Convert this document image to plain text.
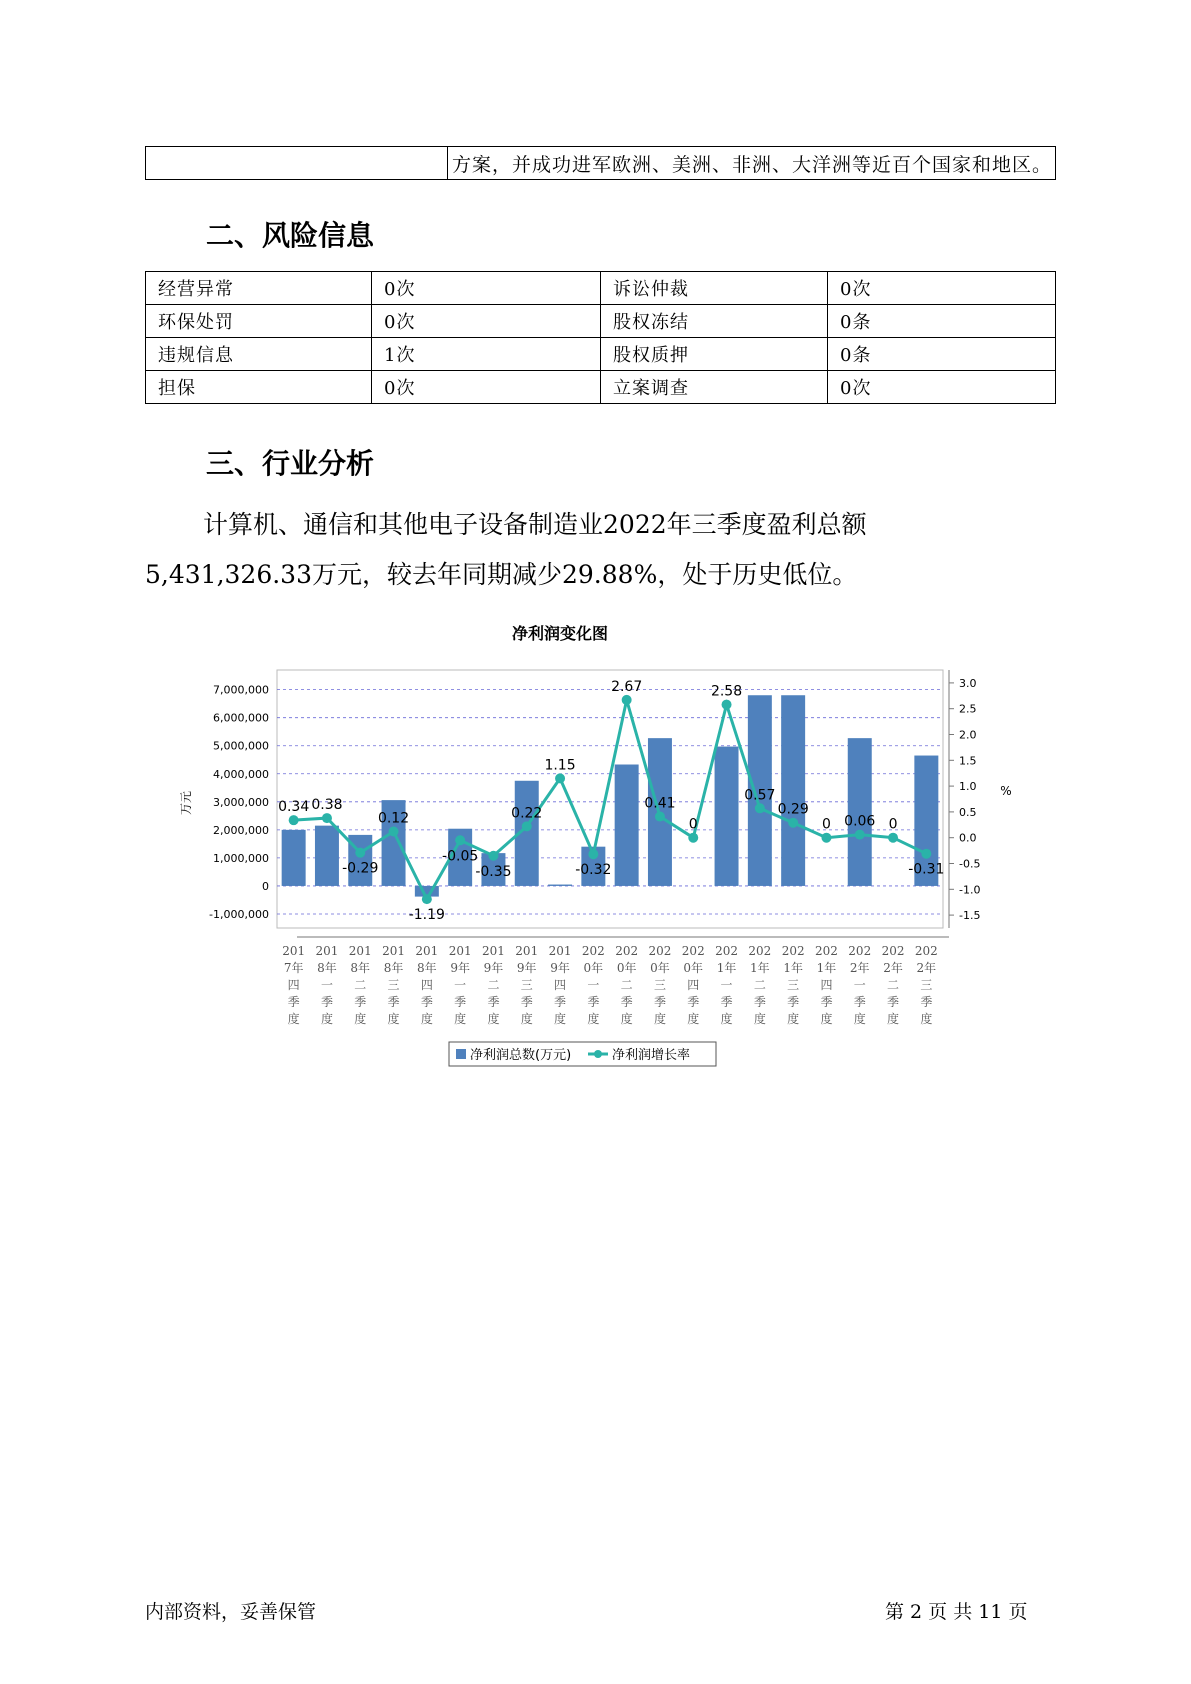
	方案，并成功进军欧洲、美洲、非洲、大洋洲等近百个国家和地区。
二、风险信息
经营异常	0次	诉讼仲裁	0次
环保处罚	0次	股权冻结	0条
违规信息	1次	股权质押	0条
担保	0次	立案调查	0次
三、行业分析

计算机、通信和其他电子设备制造业2022年三季度盈利总额5,431,326.33万元，较去年同期减少29.88%，处于历史低位。

净利润变化图
-1,000,000
0
1,000,000
2,000,000
3,000,000
4,000,000
5,000,000
6,000,000
7,000,000
-1.5
-1.0
-0.5
0.0
0.5
1.0
1.5
2.0
2.5
3.0
万元	%
0.34 0.38
-0.29
0.12
-1.19
-0.05
-0.35
0.22
1.15
-0.32
2.67
0.41
0
2.58
0.57
0.29
0 0.06 0
-0.31
201
7年
四
季
度
201
8年
一
季
度
201
8年
二
季
度
201
8年
三
季
度
201
8年
四
季
度
201
9年
一
季
度
201
9年
二
季
度
201
9年
三
季
度
201
9年
四
季
度
202
0年
一
季
度
202
0年
二
季
度
202
0年
三
季
度
202
0年
四
季
度
202
1年
一
季
度
202
1年
二
季
度
202
1年
三
季
度
202
1年
四
季
度
202
2年
一
季
度
202
2年
二
季
度
202
2年
三
季
度
净利润总数(万元)	净利润增长率
内部资料，妥善保管	第 2 页 共 11 页
